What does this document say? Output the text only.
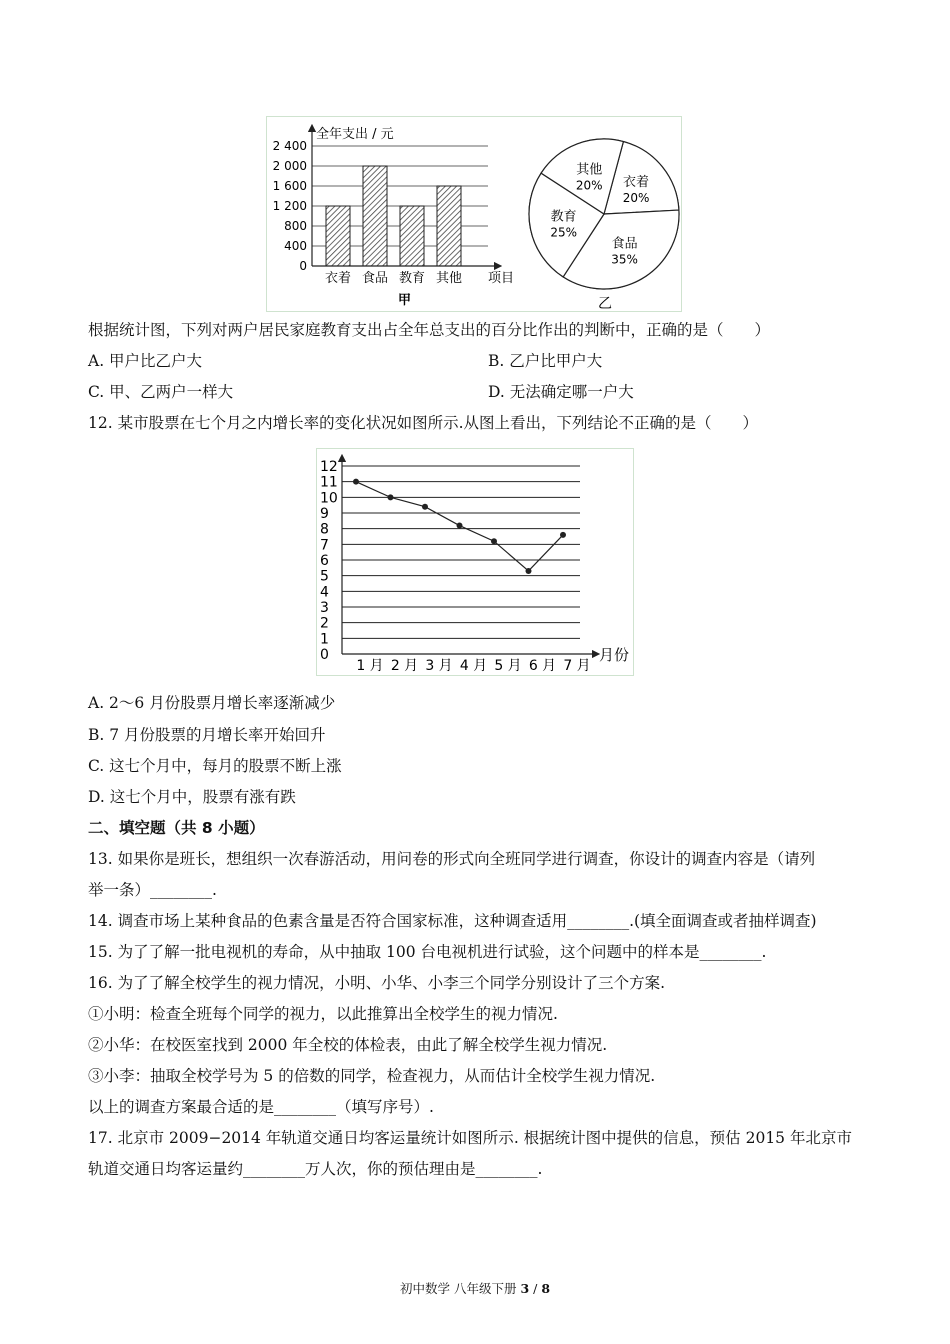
0
400
800
1 200
1 600
2 000
2 400
衣着 食品 教育 其他
全年支出 / 元
项目
甲
衣着
20%
食品
35%
教育
25%
其他
20%
乙
根据统计图，下列对两户居民家庭教育支出占全年总支出的百分比作出的判断中，正确的是（　　）
A. 甲户比乙户大	B. 乙户比甲户大
C. 甲、乙两户一样大	D. 无法确定哪一户大
12. 某市股票在七个月之内增长率的变化状况如图所示.从图上看出，下列结论不正确的是（　　）
0
1
2
3
4
5
6
7
8
9
10
11
12
1 月 2 月 3 月 4 月 5 月 6 月 7 月
月份
A. 2～6 月份股票月增长率逐渐减少
B. 7 月份股票的月增长率开始回升
C. 这七个月中，每月的股票不断上涨
D. 这七个月中，股票有涨有跌
二、填空题（共 8 小题）
13. 如果你是班长，想组织一次春游活动，用问卷的形式向全班同学进行调查，你设计的调查内容是（请列
举一条）________.
14. 调查市场上某种食品的色素含量是否符合国家标准，这种调查适用________.(填全面调查或者抽样调查)
15. 为了了解一批电视机的寿命，从中抽取 100 台电视机进行试验，这个问题中的样本是________.
16. 为了了解全校学生的视力情况，小明、小华、小李三个同学分别设计了三个方案.
①小明：检查全班每个同学的视力，以此推算出全校学生的视力情况.
②小华：在校医室找到 2000 年全校的体检表，由此了解全校学生视力情况.
③小李：抽取全校学号为 5 的倍数的同学，检查视力，从而估计全校学生视力情况.
以上的调查方案最合适的是________（填写序号）.
17. 北京市 2009−2014 年轨道交通日均客运量统计如图所示. 根据统计图中提供的信息，预估 2015 年北京市
轨道交通日均客运量约________万人次，你的预估理由是________.
初中数学 八年级下册 3 / 8
